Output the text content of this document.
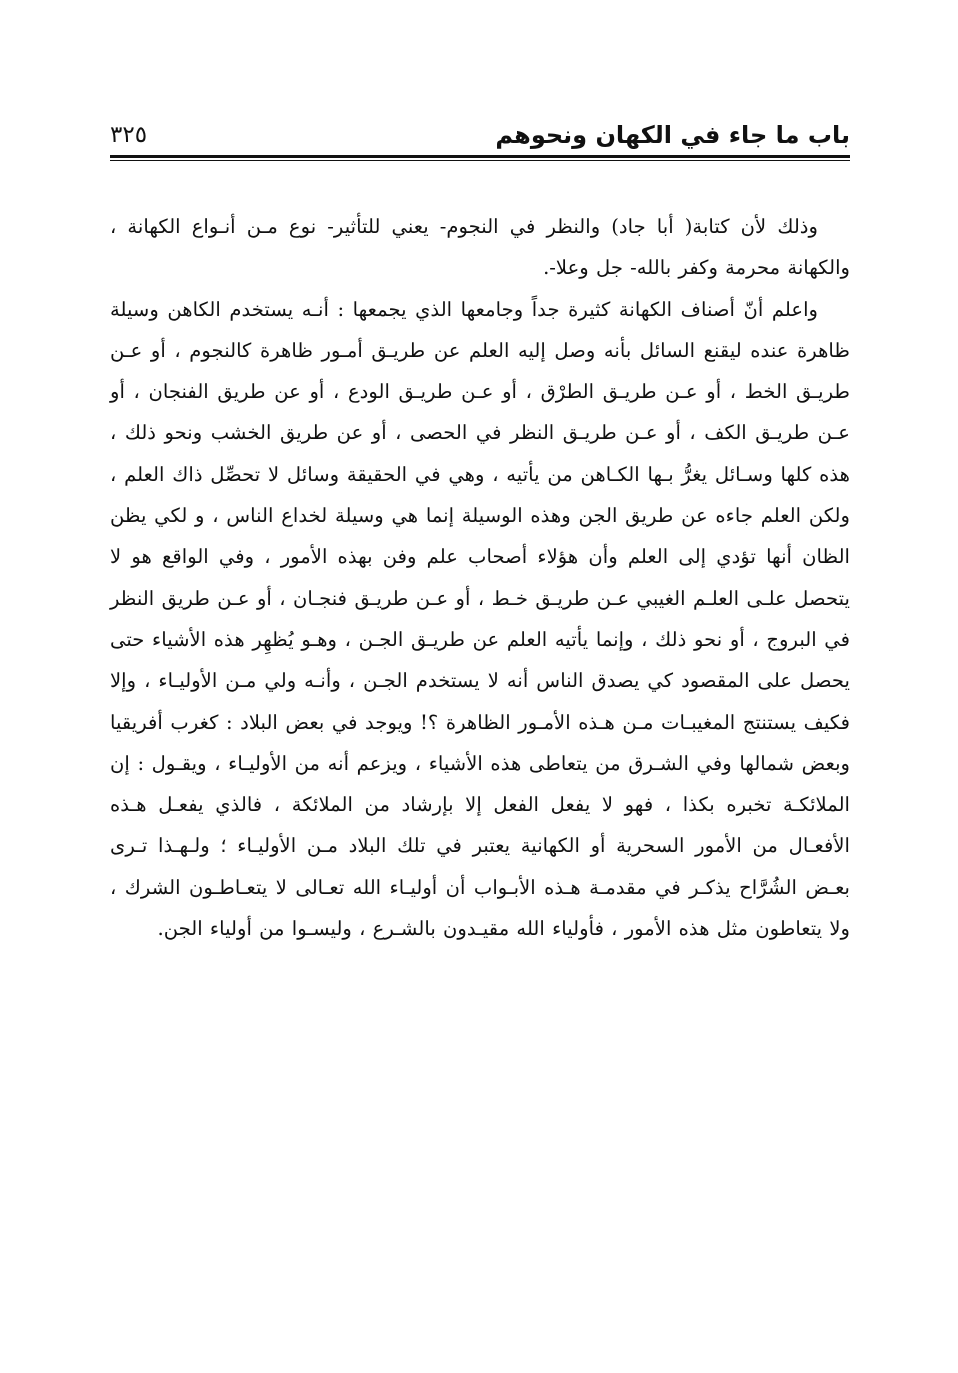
باب ما جاء في الكهان ونحوهم
٣٢٥

وذلك لأن كتابة( أبا جاد) والنظر في النجوم- يعني للتأثير- نوع مـن أنـواع الكهانة ، والكهانة محرمة وكفر بالله- جل وعلا-.

واعلم أنّ أصناف الكهانة كثيرة جداً وجامعها الذي يجمعها : أنـه يستخدم الكاهن وسيلة ظاهرة عنده ليقنع السائل بأنه وصل إليه العلم عن طريـق أمـور ظاهرة كالنجوم ، أو عـن طريـق الخط ، أو عـن طريـق الطرْق ، أو عـن طريـق الودع ، أو عن طريق الفنجان ، أو عـن طريـق الكف ، أو عـن طريـق النظر في الحصى ، أو عن طريق الخشب ونحو ذلك ، هذه كلها وسـائل يغرُّ بـها الكـاهن من يأتيه ، وهي في الحقيقة وسائل لا تحصِّل ذاك العلم ، ولكن العلم جاءه عن طريق الجن وهذه الوسيلة إنما هي وسيلة لخداع الناس ، و لكي يظن الظان أنها تؤدي إلى العلم وأن هؤلاء أصحاب علم وفن بهذه الأمور ، وفي الواقع هو لا يتحصل علـى العلـم الغيبي عـن طريـق خـط ، أو عـن طريـق فنجـان ، أو عـن طريق النظر في البروج ، أو نحو ذلك ، وإنما يأتيه العلم عن طريـق الجـن ، وهـو يُظهِر هذه الأشياء حتى يحصل على المقصود كي يصدق الناس أنه لا يستخدم الجـن ، وأنـه ولي مـن الأوليـاء ، وإلا فكيف يستنتج المغيبـات مـن هـذه الأمـور الظاهرة ؟! ويوجد في بعض البلاد : كغرب أفريقيا وبعض شمالها وفي الشـرق من يتعاطى هذه الأشياء ، ويزعم أنه من الأوليـاء ، ويقـول : إن الملائكـة تخبره بكذا ، فهو لا يفعل الفعل إلا بإرشاد من الملائكة ، فالذي يفعـل هـذه الأفعـال من الأمور السحرية أو الكهانية يعتبر في تلك البلاد مـن الأوليـاء ؛ ولـهـذا تـرى بعـض الشُرَّاح يذكـر في مقدمـة هـذه الأبـواب أن أوليـاء الله تعـالى لا يتعـاطـون الشرك ، ولا يتعاطون مثل هذه الأمور ، فأولياء الله مقيـدون بالشـرع ، وليسـوا من أولياء الجن.
